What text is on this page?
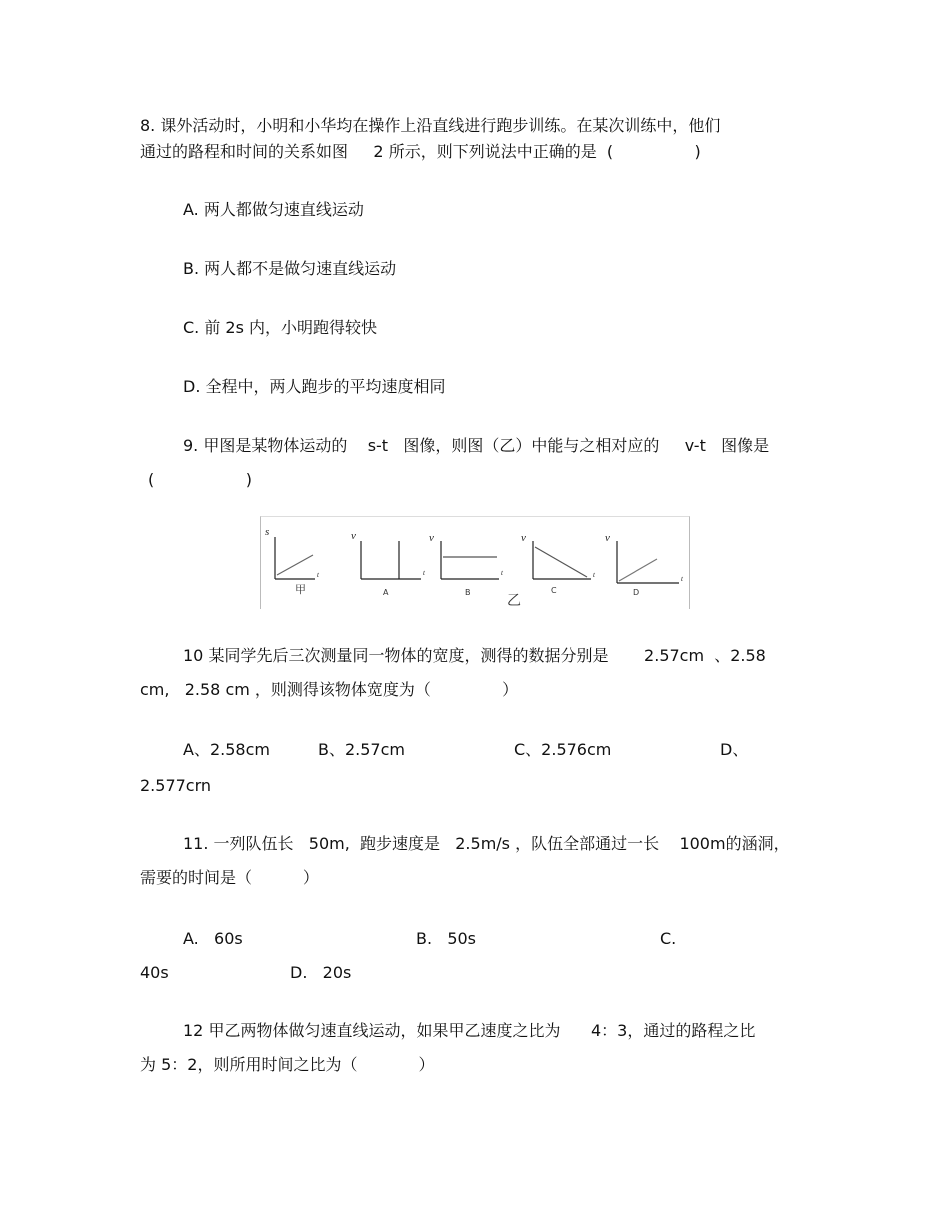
8. 课外活动时，小明和小华均在操作上沿直线进行跑步训练。在某次训练中，他们
通过的路程和时间的关系如图     2 所示，则下列说法中正确的是  (                )
A. 两人都做匀速直线运动
B. 两人都不是做匀速直线运动
C. 前 2s 内，小明跑得较快
D. 全程中，两人跑步的平均速度相同
9. 甲图是某物体运动的    s-t   图像，则图（乙）中能与之相对应的     v-t   图像是
(                  )
s
t
v
t
v
t
v
t
v
t
甲	A	B	C	D
乙
10 某同学先后三次测量同一物体的宽度，测得的数据分别是       2.57cm  、2.58
cm,   2.58 cm ，则测得该物体宽度为（              ）
A、2.58cm	B、2.57cm	C、2.576cm	D、
2.577crn
11. 一列队伍长   50m,  跑步速度是   2.5m/s ，队伍全部通过一长    100m的涵洞，
需要的时间是（          ）
A.   60s	B.   50s	C.
40s	D.   20s
12 甲乙两物体做匀速直线运动，如果甲乙速度之比为      4：3，通过的路程之比
为 5：2，则所用时间之比为（            ）
